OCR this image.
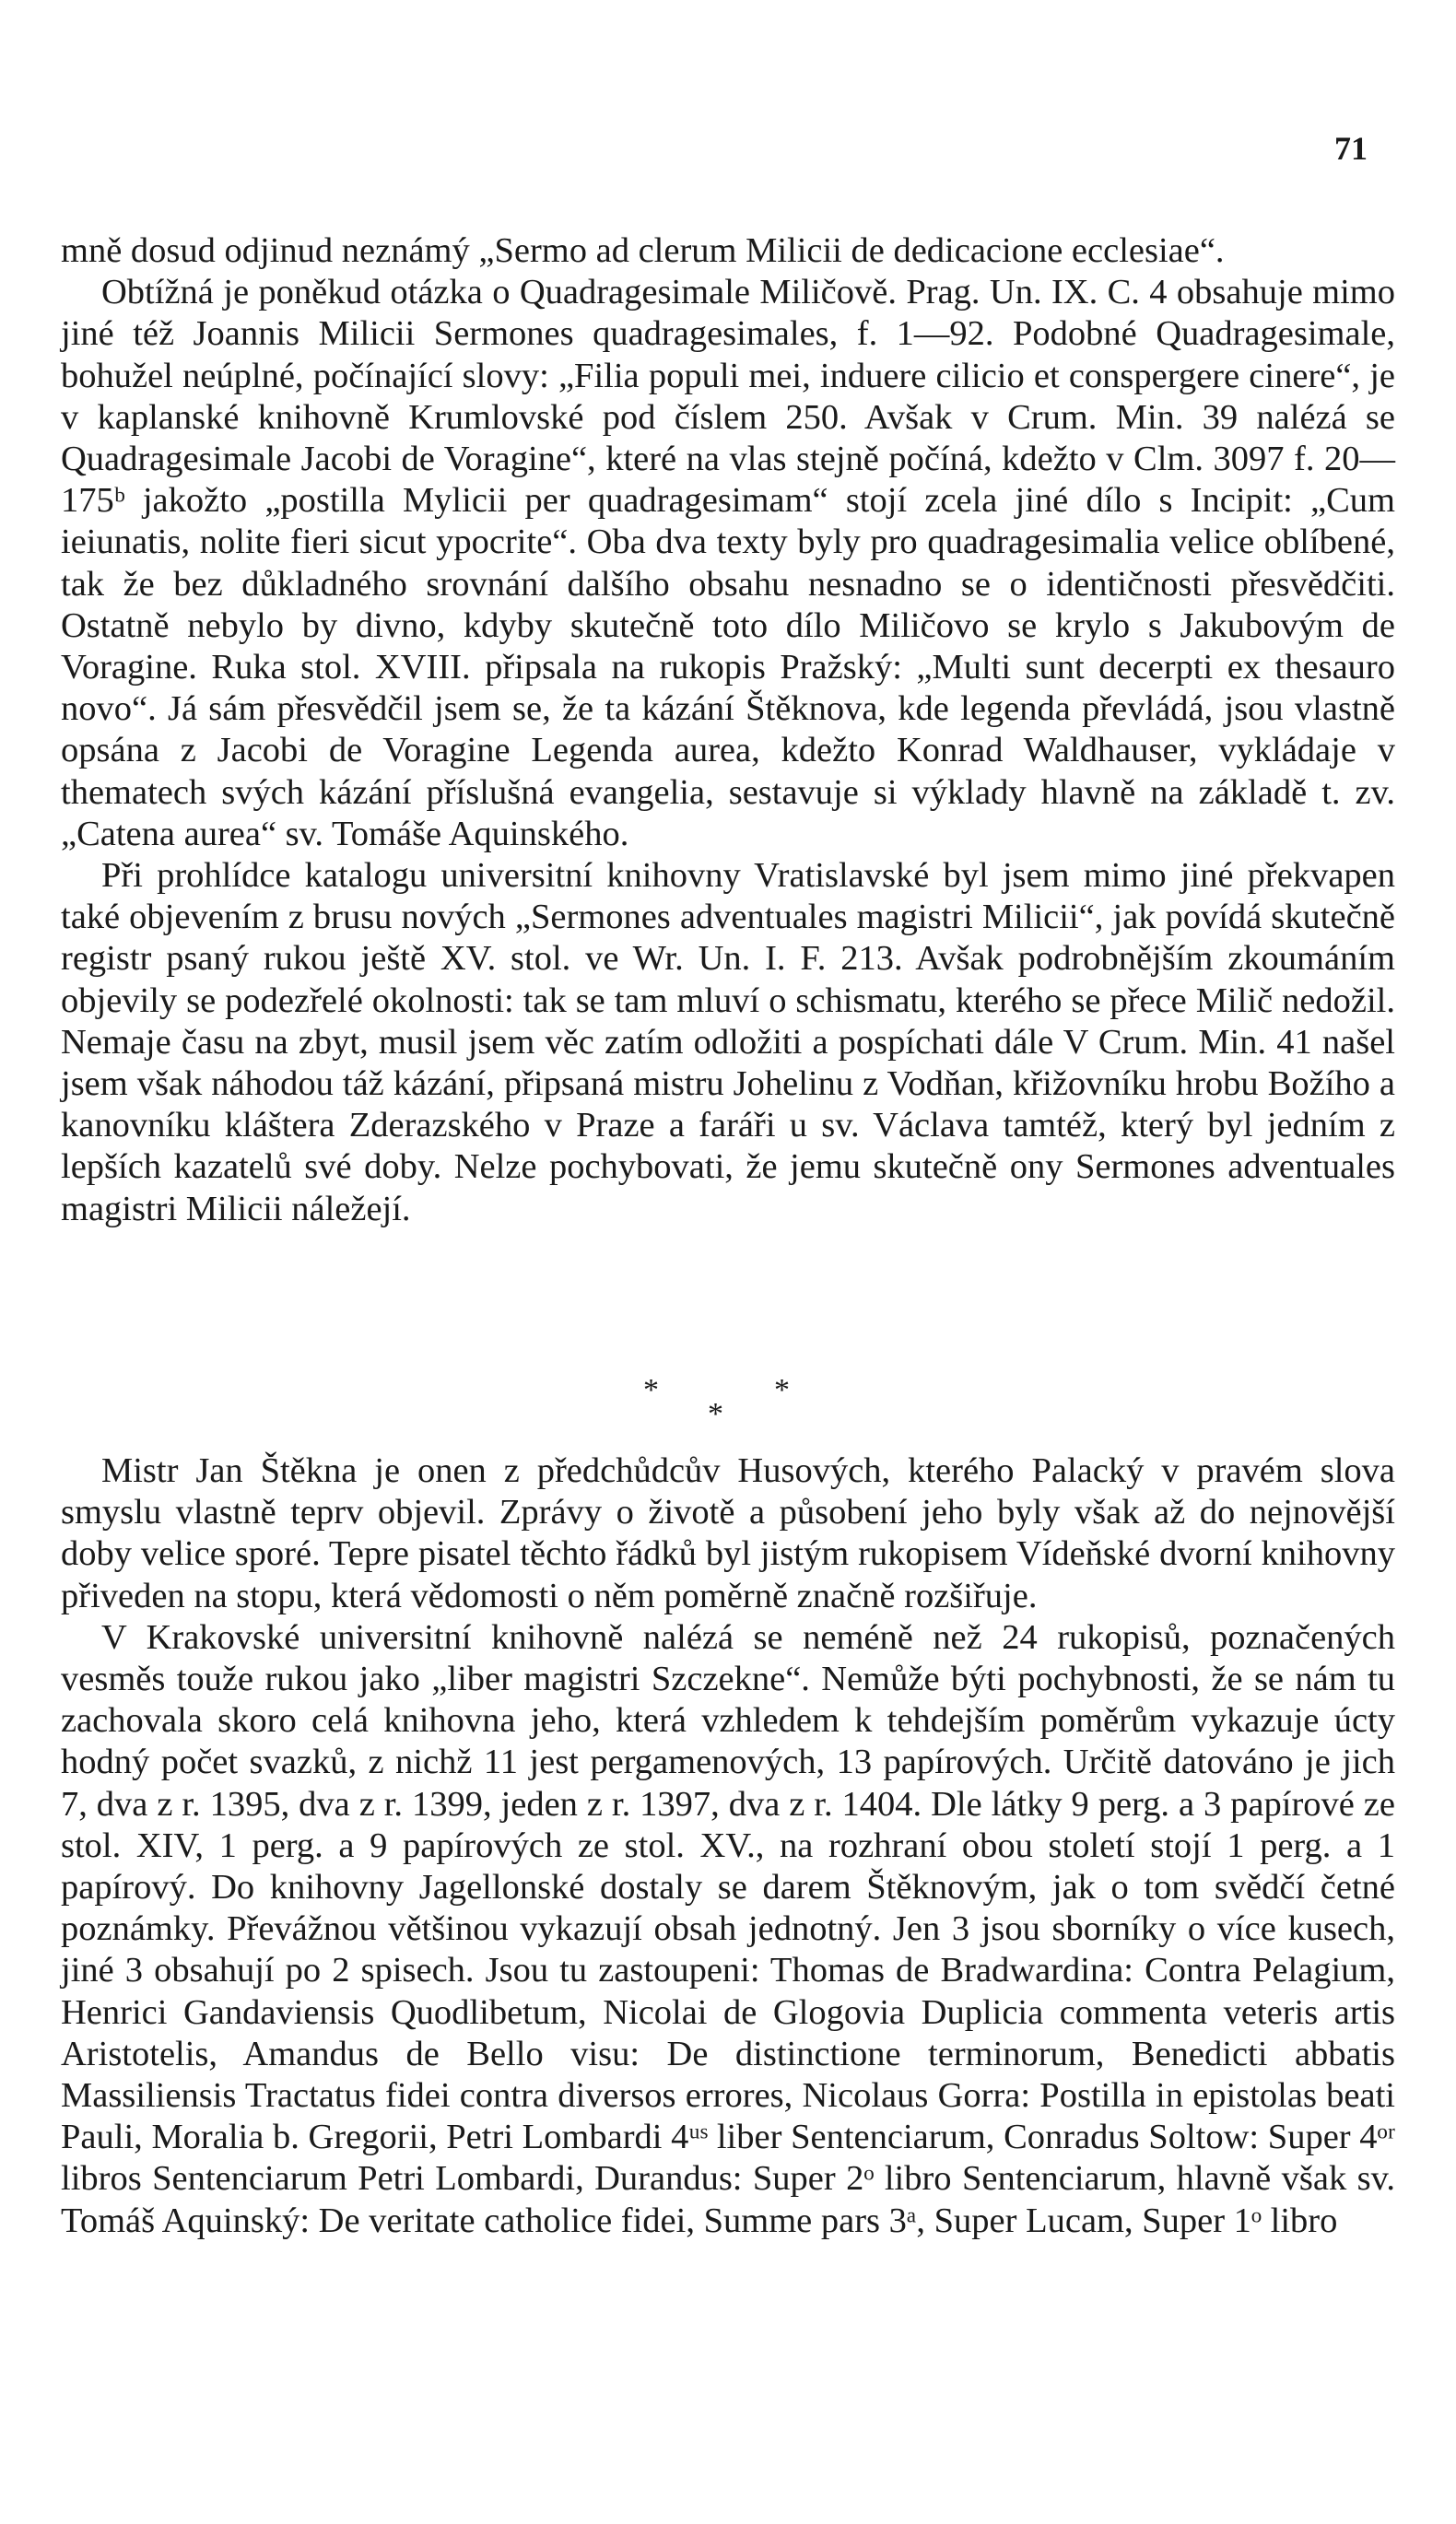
71

mně dosud odjinud neznámý „Sermo ad clerum Milicii de dedicacione ecclesiae“.

Obtížná je poněkud otázka o Quadragesimale Miličově. Prag. Un. IX. C. 4 obsahuje mimo jiné též Joannis Milicii Sermones quadragesimales, f. 1—92. Podobné Quadragesimale, bohužel neúplné, počínající slovy: „Filia populi mei, induere cilicio et conspergere cinere“, je v kaplanské knihovně Krumlovské pod číslem 250. Avšak v Crum. Min. 39 nalézá se Quadragesimale Jacobi de Voragine“, které na vlas stejně počíná, kdežto v Clm. 3097 f. 20—175ᵇ jakožto „postilla Mylicii per quadragesimam“ stojí zcela jiné dílo s Incipit: „Cum ieiunatis, nolite fieri sicut ypocrite“. Oba dva texty byly pro quadragesimalia velice oblíbené, tak že bez důkladného srovnání dalšího obsahu nesnadno se o identičnosti přesvědčiti. Ostatně nebylo by divno, kdyby skutečně toto dílo Miličovo se krylo s Jakubovým de Voragine. Ruka stol. XVIII. připsala na rukopis Pražský: „Multi sunt decerpti ex thesauro novo“. Já sám přesvědčil jsem se, že ta kázání Štěknova, kde legenda převládá, jsou vlastně opsána z Jacobi de Voragine Legenda aurea, kdežto Konrad Waldhauser, vykládaje v thematech svých kázání příslušná evangelia, sestavuje si výklady hlavně na základě t. zv. „Catena aurea“ sv. Tomáše Aquinského.

Při prohlídce katalogu universitní knihovny Vratislavské byl jsem mimo jiné překvapen také objevením z brusu nových „Sermones adventuales magistri Milicii“, jak povídá skutečně registr psaný rukou ještě XV. stol. ve Wr. Un. I. F. 213. Avšak podrobnějším zkoumáním objevily se podezřelé okolnosti: tak se tam mluví o schismatu, kterého se přece Milič nedožil. Nemaje času na zbyt, musil jsem věc zatím odložiti a pospíchati dále V Crum. Min. 41 našel jsem však náhodou táž kázání, připsaná mistru Johelinu z Vodňan, křižovníku hrobu Božího a kanovníku kláštera Zderazského v Praze a faráři u sv. Václava tamtéž, který byl jedním z lepších kazatelů své doby. Nelze pochybovati, že jemu skutečně ony Sermones adventuales magistri Milicii náležejí.

*	*
*

Mistr Jan Štěkna je onen z předchůdcův Husových, kterého Palacký v pravém slova smyslu vlastně teprv objevil. Zprávy o životě a působení jeho byly však až do nejnovější doby velice sporé. Tepre pisatel těchto řádků byl jistým rukopisem Vídeňské dvorní knihovny přiveden na stopu, která vědomosti o něm poměrně značně rozšiřuje.

V Krakovské universitní knihovně nalézá se neméně než 24 rukopisů, poznačených vesměs touže rukou jako „liber magistri Szczekne“. Nemůže býti pochybnosti, že se nám tu zachovala skoro celá knihovna jeho, která vzhledem k tehdejším poměrům vykazuje úcty hodný počet svazků, z nichž 11 jest pergamenových, 13 papírových. Určitě datováno je jich 7, dva z r. 1395, dva z r. 1399, jeden z r. 1397, dva z r. 1404. Dle látky 9 perg. a 3 papírové ze stol. XIV, 1 perg. a 9 papírových ze stol. XV., na rozhraní obou století stojí 1 perg. a 1 papírový. Do knihovny Jagellonské dostaly se darem Štěknovým, jak o tom svědčí četné poznámky. Převážnou většinou vykazují obsah jednotný. Jen 3 jsou sborníky o více kusech, jiné 3 obsahují po 2 spisech. Jsou tu zastoupeni: Thomas de Bradwardina: Contra Pelagium, Henrici Gandaviensis Quodlibetum, Nicolai de Glogovia Duplicia commenta veteris artis Aristotelis, Amandus de Bello visu: De distinctione terminorum, Benedicti abbatis Massiliensis Tractatus fidei contra diversos errores, Nicolaus Gorra: Postilla in epistolas beati Pauli, Moralia b. Gregorii, Petri Lombardi 4ᵘˢ liber Sentenciarum, Conradus Soltow: Super 4ᵒʳ libros Sentenciarum Petri Lombardi, Durandus: Super 2ᵒ libro Sentenciarum, hlavně však sv. Tomáš Aquinský: De veritate catholice fidei, Summe pars 3ᵃ, Super Lucam, Super 1ᵒ libro
